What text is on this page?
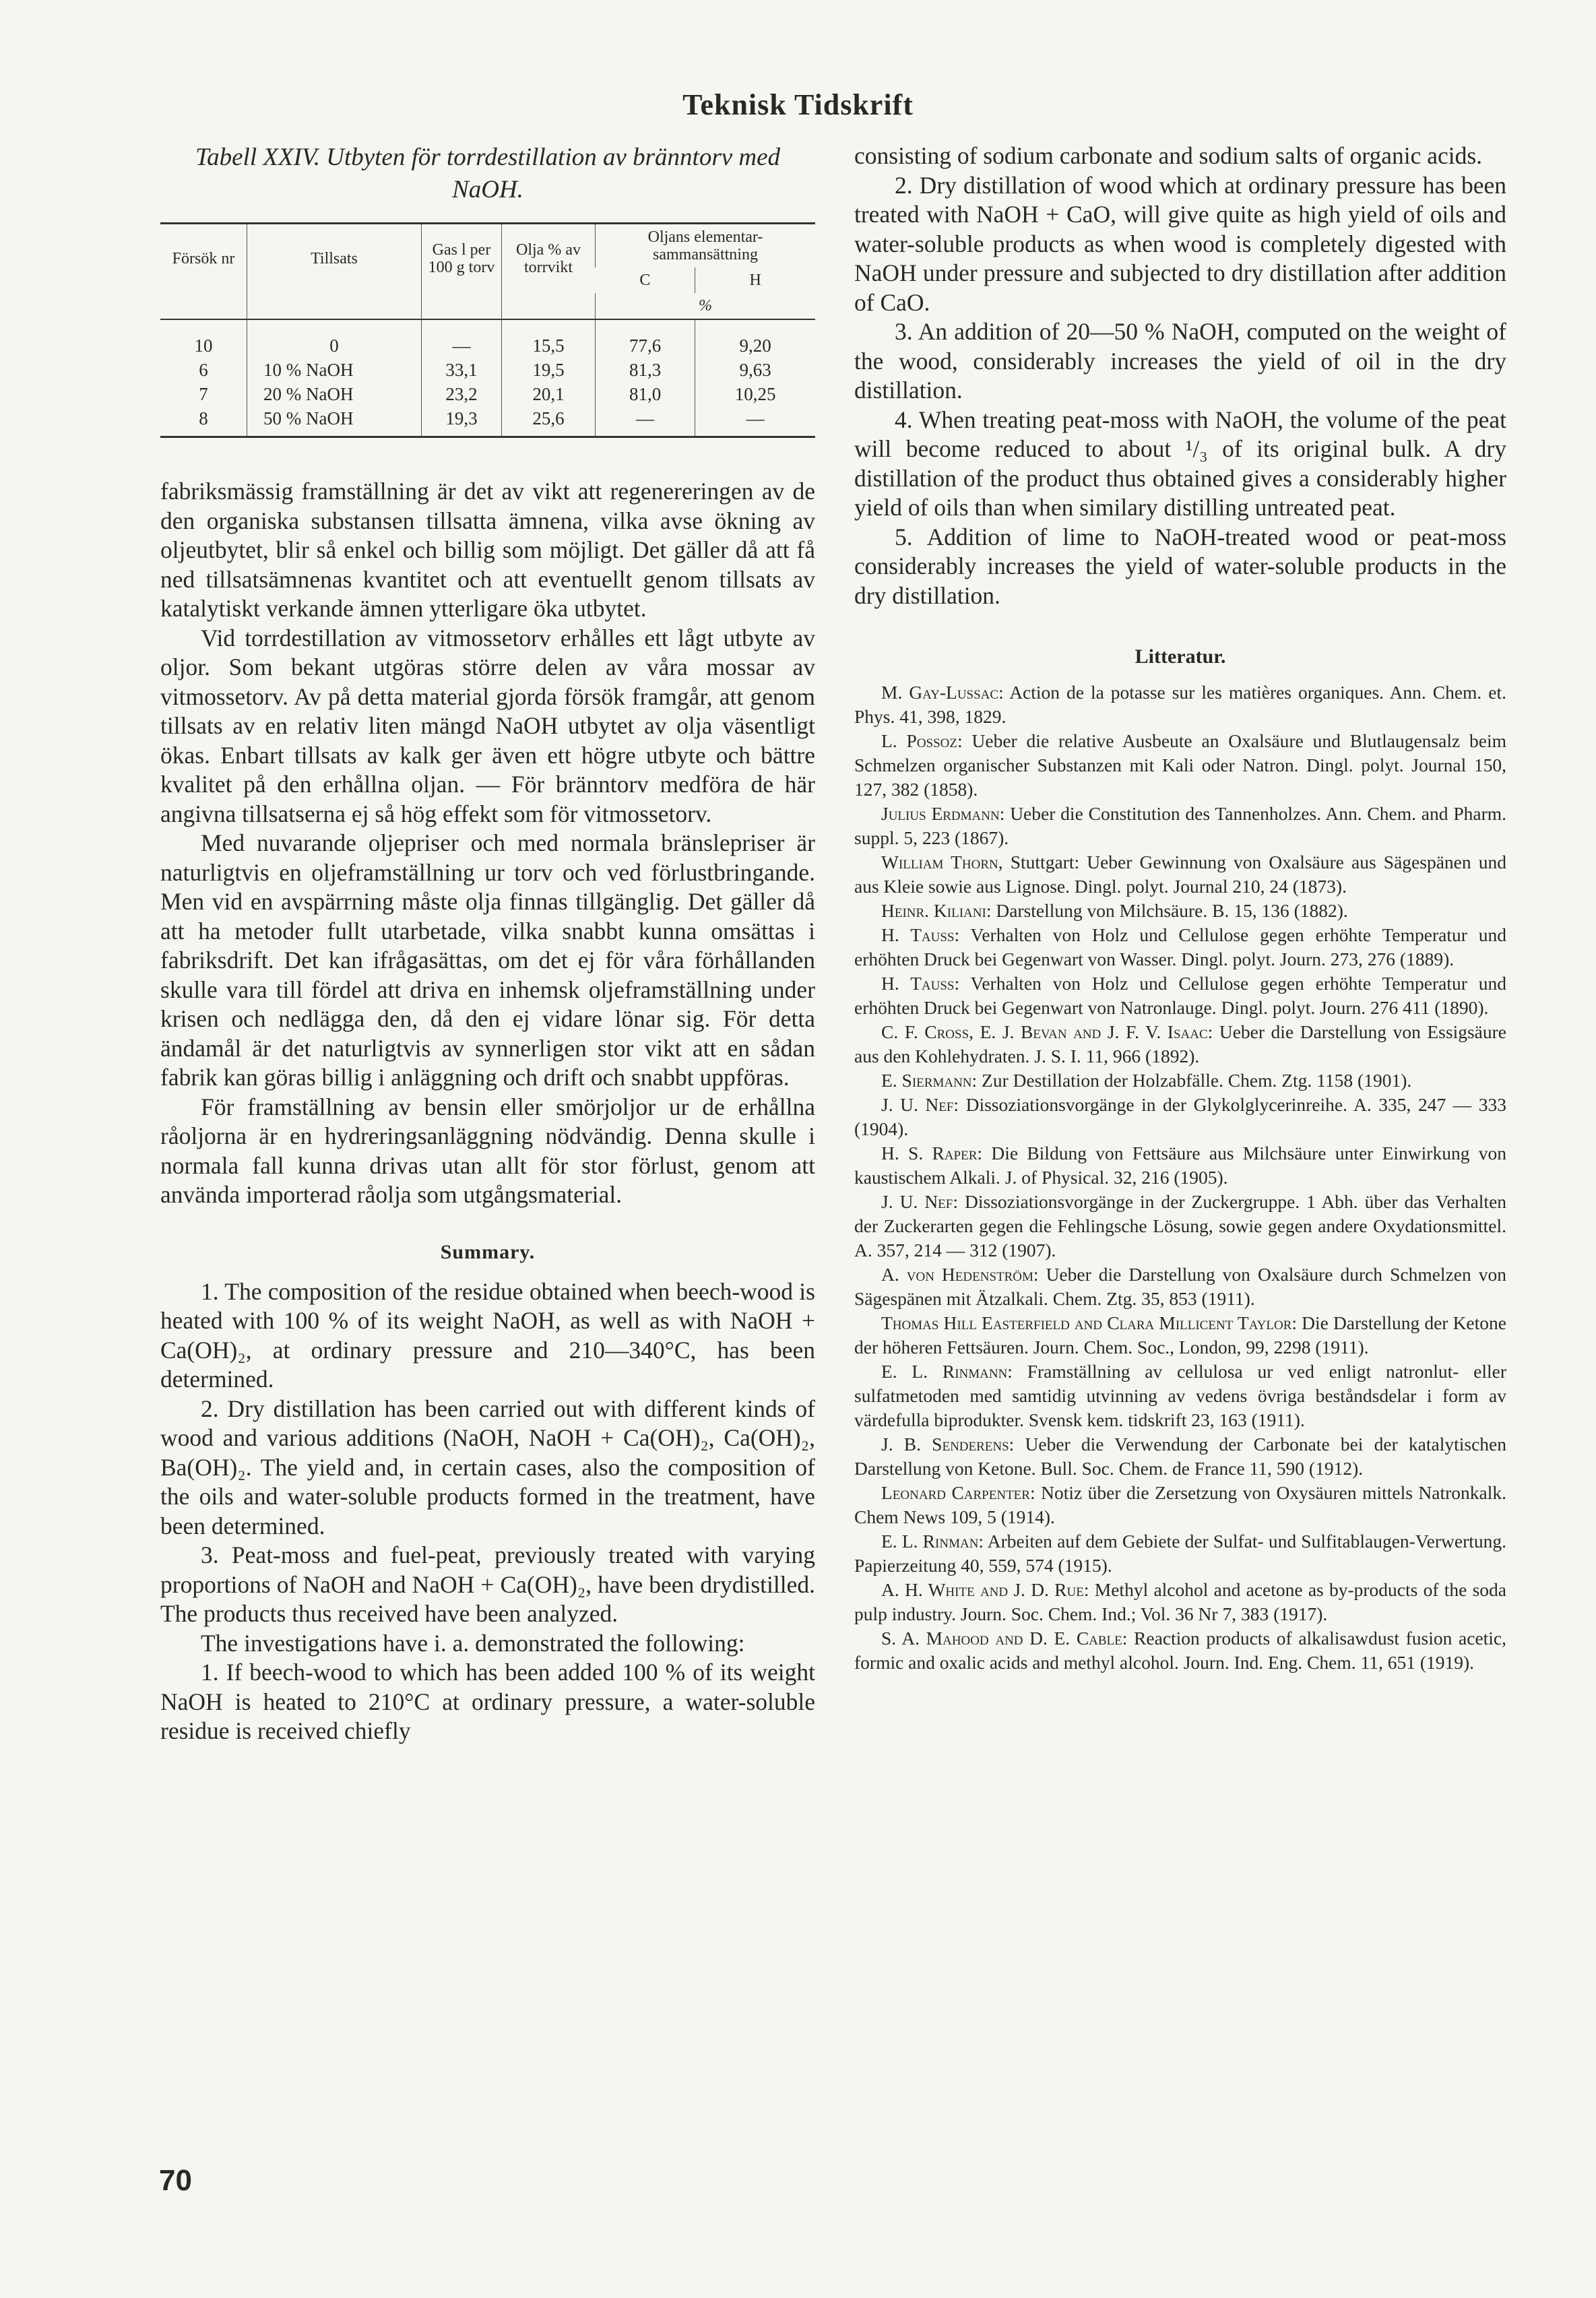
Teknisk Tidskrift
Tabell XXIV. Utbyten för torrdestillation av bränntorv med NaOH.
Försök nr	Tillsats	Gas l per 100 g torv	Olja % av torrvikt	Oljans elementar-sammansättning	
				C	H
				%	
10	0	—	15,5	77,6	9,20
6	10 % NaOH	33,1	19,5	81,3	9,63
7	20 % NaOH	23,2	20,1	81,0	10,25
8	50 % NaOH	19,3	25,6	—	—

fabriksmässig framställning är det av vikt att regenereringen av de den organiska substansen tillsatta ämnena, vilka avse ökning av oljeutbytet, blir så enkel och billig som möjligt. Det gäller då att få ned tillsatsämnenas kvantitet och att eventuellt genom tillsats av katalytiskt verkande ämnen ytterligare öka utbytet.

Vid torrdestillation av vitmossetorv erhålles ett lågt utbyte av oljor. Som bekant utgöras större delen av våra mossar av vitmossetorv. Av på detta material gjorda försök framgår, att genom tillsats av en relativ liten mängd NaOH utbytet av olja väsentligt ökas. Enbart tillsats av kalk ger även ett högre utbyte och bättre kvalitet på den erhållna oljan. — För bränntorv medföra de här angivna tillsatserna ej så hög effekt som för vitmossetorv.

Med nuvarande oljepriser och med normala bränslepriser är naturligtvis en oljeframställning ur torv och ved förlustbringande. Men vid en avspärrning måste olja finnas tillgänglig. Det gäller då att ha metoder fullt utarbetade, vilka snabbt kunna omsättas i fabriksdrift. Det kan ifrågasättas, om det ej för våra förhållanden skulle vara till fördel att driva en inhemsk oljeframställning under krisen och nedlägga den, då den ej vidare lönar sig. För detta ändamål är det naturligtvis av synnerligen stor vikt att en sådan fabrik kan göras billig i anläggning och drift och snabbt uppföras.

För framställning av bensin eller smörjoljor ur de erhållna råoljorna är en hydreringsanläggning nödvändig. Denna skulle i normala fall kunna drivas utan allt för stor förlust, genom att använda importerad råolja som utgångsmaterial.

Summary.

1. The composition of the residue obtained when beech-wood is heated with 100 % of its weight NaOH, as well as with NaOH + Ca(OH)₂, at ordinary pressure and 210—340°C, has been determined.

2. Dry distillation has been carried out with different kinds of wood and various additions (NaOH, NaOH + Ca(OH)₂, Ca(OH)₂, Ba(OH)₂. The yield and, in certain cases, also the composition of the oils and water-soluble products formed in the treatment, have been determined.

3. Peat-moss and fuel-peat, previously treated with varying proportions of NaOH and NaOH + Ca(OH)₂, have been drydistilled. The products thus received have been analyzed.

The investigations have i. a. demonstrated the following:

1. If beech-wood to which has been added 100 % of its weight NaOH is heated to 210°C at ordinary pressure, a water-soluble residue is received chiefly

consisting of sodium carbonate and sodium salts of organic acids.

2. Dry distillation of wood which at ordinary pressure has been treated with NaOH + CaO, will give quite as high yield of oils and water-soluble products as when wood is completely digested with NaOH under pressure and subjected to dry distillation after addition of CaO.

3. An addition of 20—50 % NaOH, computed on the weight of the wood, considerably increases the yield of oil in the dry distillation.

4. When treating peat-moss with NaOH, the volume of the peat will become reduced to about ¹/₃ of its original bulk. A dry distillation of the product thus obtained gives a considerably higher yield of oils than when similary distilling untreated peat.

5. Addition of lime to NaOH-treated wood or peat-moss considerably increases the yield of water-soluble products in the dry distillation.

Litteratur.

M. Gay-Lussac: Action de la potasse sur les matières organiques. Ann. Chem. et. Phys. 41, 398, 1829.

L. Possoz: Ueber die relative Ausbeute an Oxalsäure und Blutlaugensalz beim Schmelzen organischer Substanzen mit Kali oder Natron. Dingl. polyt. Journal 150, 127, 382 (1858).

Julius Erdmann: Ueber die Constitution des Tannenholzes. Ann. Chem. and Pharm. suppl. 5, 223 (1867).

William Thorn, Stuttgart: Ueber Gewinnung von Oxalsäure aus Sägespänen und aus Kleie sowie aus Lignose. Dingl. polyt. Journal 210, 24 (1873).

Heinr. Kiliani: Darstellung von Milchsäure. B. 15, 136 (1882).

H. Tauss: Verhalten von Holz und Cellulose gegen erhöhte Temperatur und erhöhten Druck bei Gegenwart von Wasser. Dingl. polyt. Journ. 273, 276 (1889).

H. Tauss: Verhalten von Holz und Cellulose gegen erhöhte Temperatur und erhöhten Druck bei Gegenwart von Natronlauge. Dingl. polyt. Journ. 276 411 (1890).

C. F. Cross, E. J. Bevan and J. F. V. Isaac: Ueber die Darstellung von Essigsäure aus den Kohlehydraten. J. S. I. 11, 966 (1892).

E. Siermann: Zur Destillation der Holzabfälle. Chem. Ztg. 1158 (1901).

J. U. Nef: Dissoziationsvorgänge in der Glykolglycerinreihe. A. 335, 247 — 333 (1904).

H. S. Raper: Die Bildung von Fettsäure aus Milchsäure unter Einwirkung von kaustischem Alkali. J. of Physical. 32, 216 (1905).

J. U. Nef: Dissoziationsvorgänge in der Zuckergruppe. 1 Abh. über das Verhalten der Zuckerarten gegen die Fehlingsche Lösung, sowie gegen andere Oxydationsmittel. A. 357, 214 — 312 (1907).

A. von Hedenström: Ueber die Darstellung von Oxalsäure durch Schmelzen von Sägespänen mit Ätzalkali. Chem. Ztg. 35, 853 (1911).

Thomas Hill Easterfield and Clara Millicent Taylor: Die Darstellung der Ketone der höheren Fettsäuren. Journ. Chem. Soc., London, 99, 2298 (1911).

E. L. Rinmann: Framställning av cellulosa ur ved enligt natronlut- eller sulfatmetoden med samtidig utvinning av vedens övriga beståndsdelar i form av värdefulla biprodukter. Svensk kem. tidskrift 23, 163 (1911).

J. B. Senderens: Ueber die Verwendung der Carbonate bei der katalytischen Darstellung von Ketone. Bull. Soc. Chem. de France 11, 590 (1912).

Leonard Carpenter: Notiz über die Zersetzung von Oxysäuren mittels Natronkalk. Chem News 109, 5 (1914).

E. L. Rinman: Arbeiten auf dem Gebiete der Sulfat- und Sulfitablaugen-Verwertung. Papierzeitung 40, 559, 574 (1915).

A. H. White and J. D. Rue: Methyl alcohol and acetone as by-products of the soda pulp industry. Journ. Soc. Chem. Ind.; Vol. 36 Nr 7, 383 (1917).

S. A. Mahood and D. E. Cable: Reaction products of alkalisawdust fusion acetic, formic and oxalic acids and methyl alcohol. Journ. Ind. Eng. Chem. 11, 651 (1919).

70
